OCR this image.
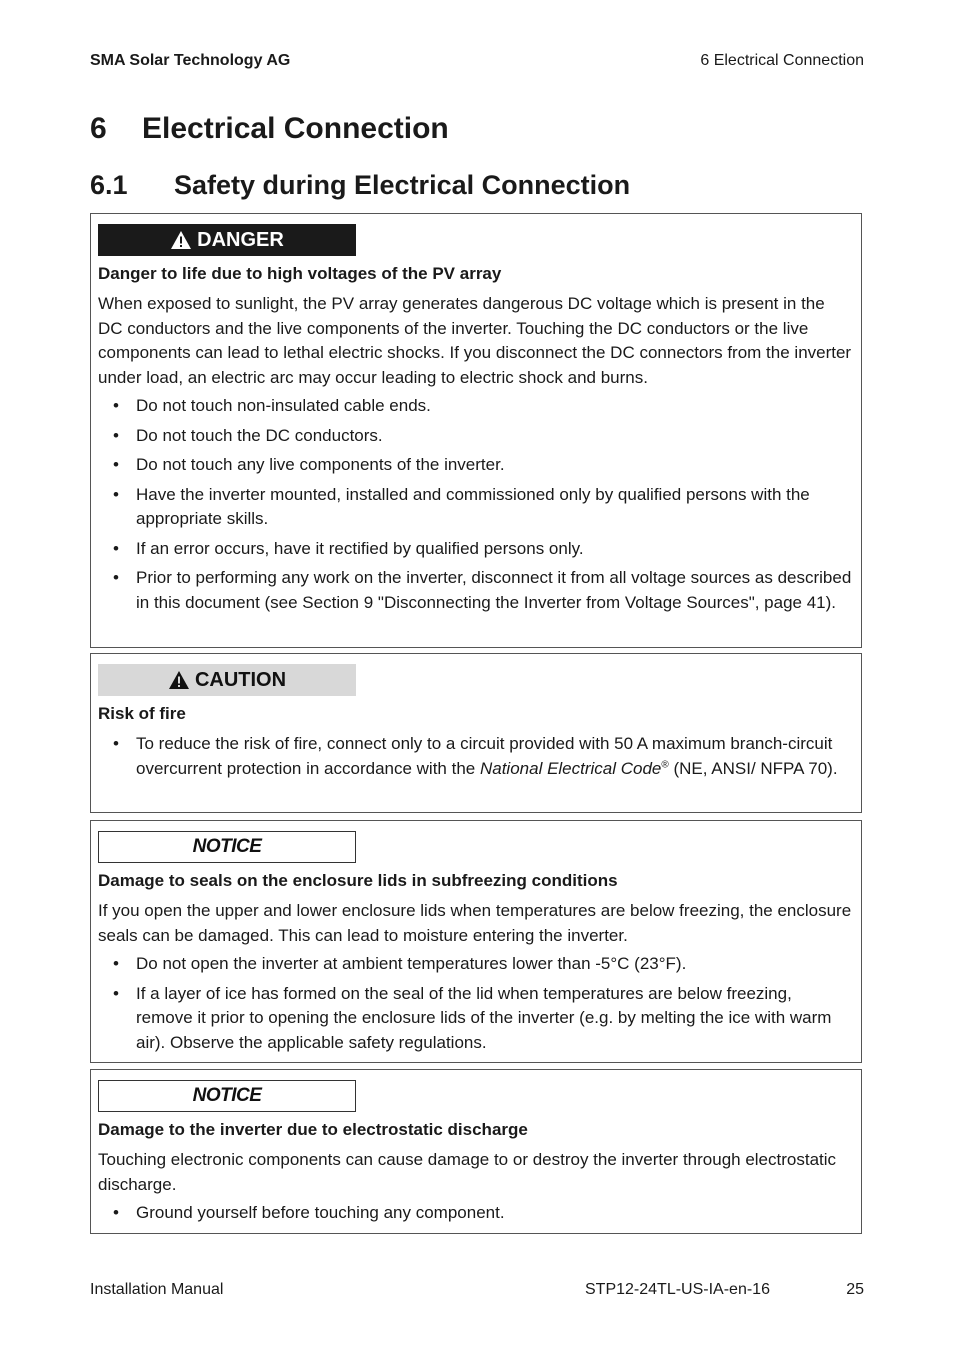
SMA Solar Technology AG	6 Electrical Connection
6 Electrical Connection
6.1 Safety during Electrical Connection
DANGER
Danger to life due to high voltages of the PV array
When exposed to sunlight, the PV array generates dangerous DC voltage which is present in the DC conductors and the live components of the inverter. Touching the DC conductors or the live components can lead to lethal electric shocks. If you disconnect the DC connectors from the inverter under load, an electric arc may occur leading to electric shock and burns.
• Do not touch non-insulated cable ends.
• Do not touch the DC conductors.
• Do not touch any live components of the inverter.
• Have the inverter mounted, installed and commissioned only by qualified persons with the appropriate skills.
• If an error occurs, have it rectified by qualified persons only.
• Prior to performing any work on the inverter, disconnect it from all voltage sources as described in this document (see Section 9 "Disconnecting the Inverter from Voltage Sources", page 41).
CAUTION
Risk of fire
• To reduce the risk of fire, connect only to a circuit provided with 50 A maximum branch-circuit overcurrent protection in accordance with the National Electrical Code® (NE, ANSI/ NFPA 70).
NOTICE
Damage to seals on the enclosure lids in subfreezing conditions
If you open the upper and lower enclosure lids when temperatures are below freezing, the enclosure seals can be damaged. This can lead to moisture entering the inverter.
• Do not open the inverter at ambient temperatures lower than -5°C (23°F).
• If a layer of ice has formed on the seal of the lid when temperatures are below freezing, remove it prior to opening the enclosure lids of the inverter (e.g. by melting the ice with warm air). Observe the applicable safety regulations.
NOTICE
Damage to the inverter due to electrostatic discharge
Touching electronic components can cause damage to or destroy the inverter through electrostatic discharge.
• Ground yourself before touching any component.
Installation Manual	STP12-24TL-US-IA-en-16	25
